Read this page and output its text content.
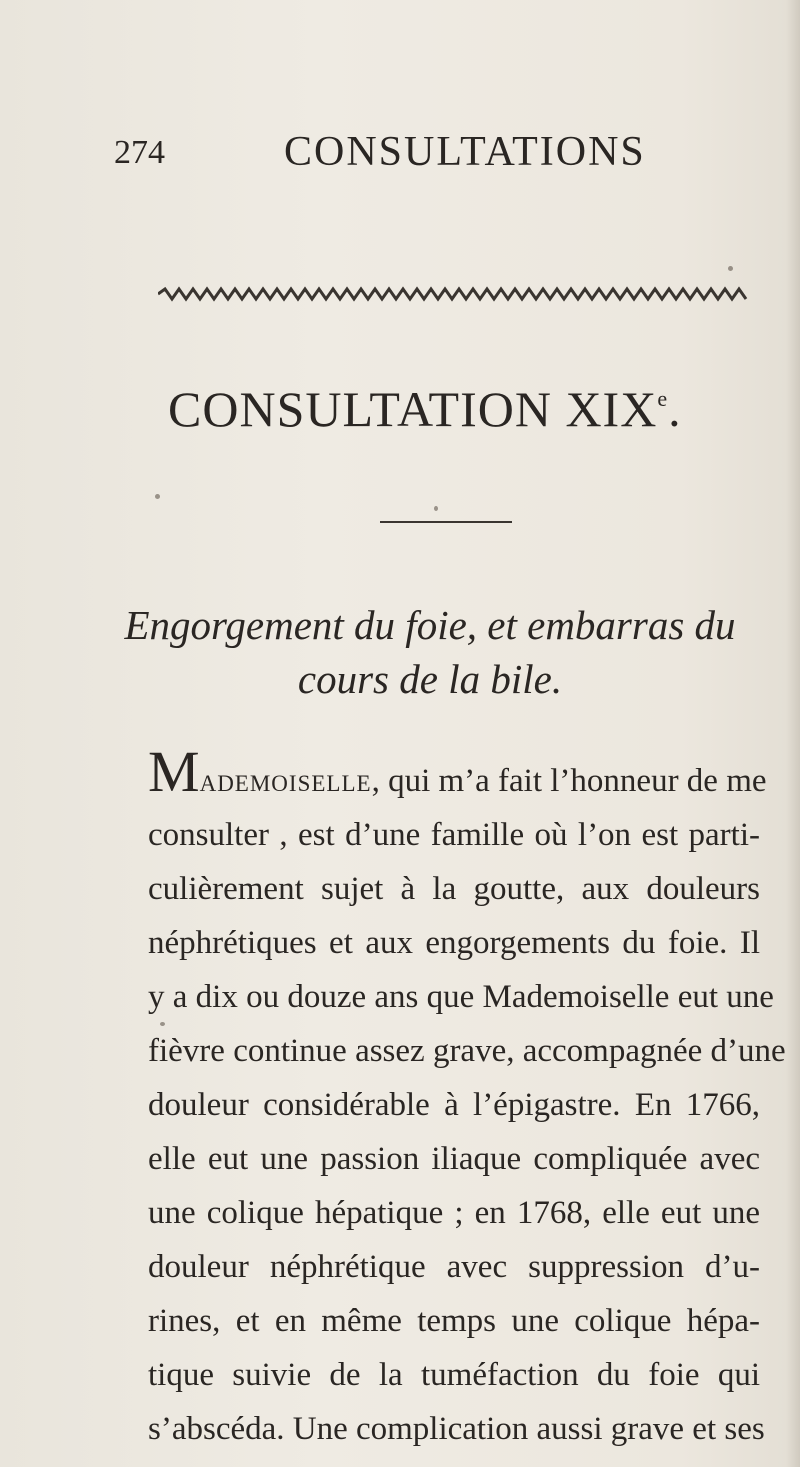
274	CONSULTATIONS
CONSULTATION XIXe.
Engorgement du foie, et embarras du
cours de la bile.
Mademoiselle, qui m’a fait l’honneur de me
consulter , est d’une famille où l’on est parti-
culièrement sujet à la goutte, aux douleurs
néphrétiques et aux engorgements du foie. Il
y a dix ou douze ans que Mademoiselle eut une
fièvre continue assez grave, accompagnée d’une
douleur considérable à l’épigastre. En 1766,
elle eut une passion iliaque compliquée avec
une colique hépatique ; en 1768, elle eut une
douleur néphrétique avec suppression d’u-
rines, et en même temps une colique hépa-
tique suivie de la tuméfaction du foie qui
s’abscéda. Une complication aussi grave et ses
